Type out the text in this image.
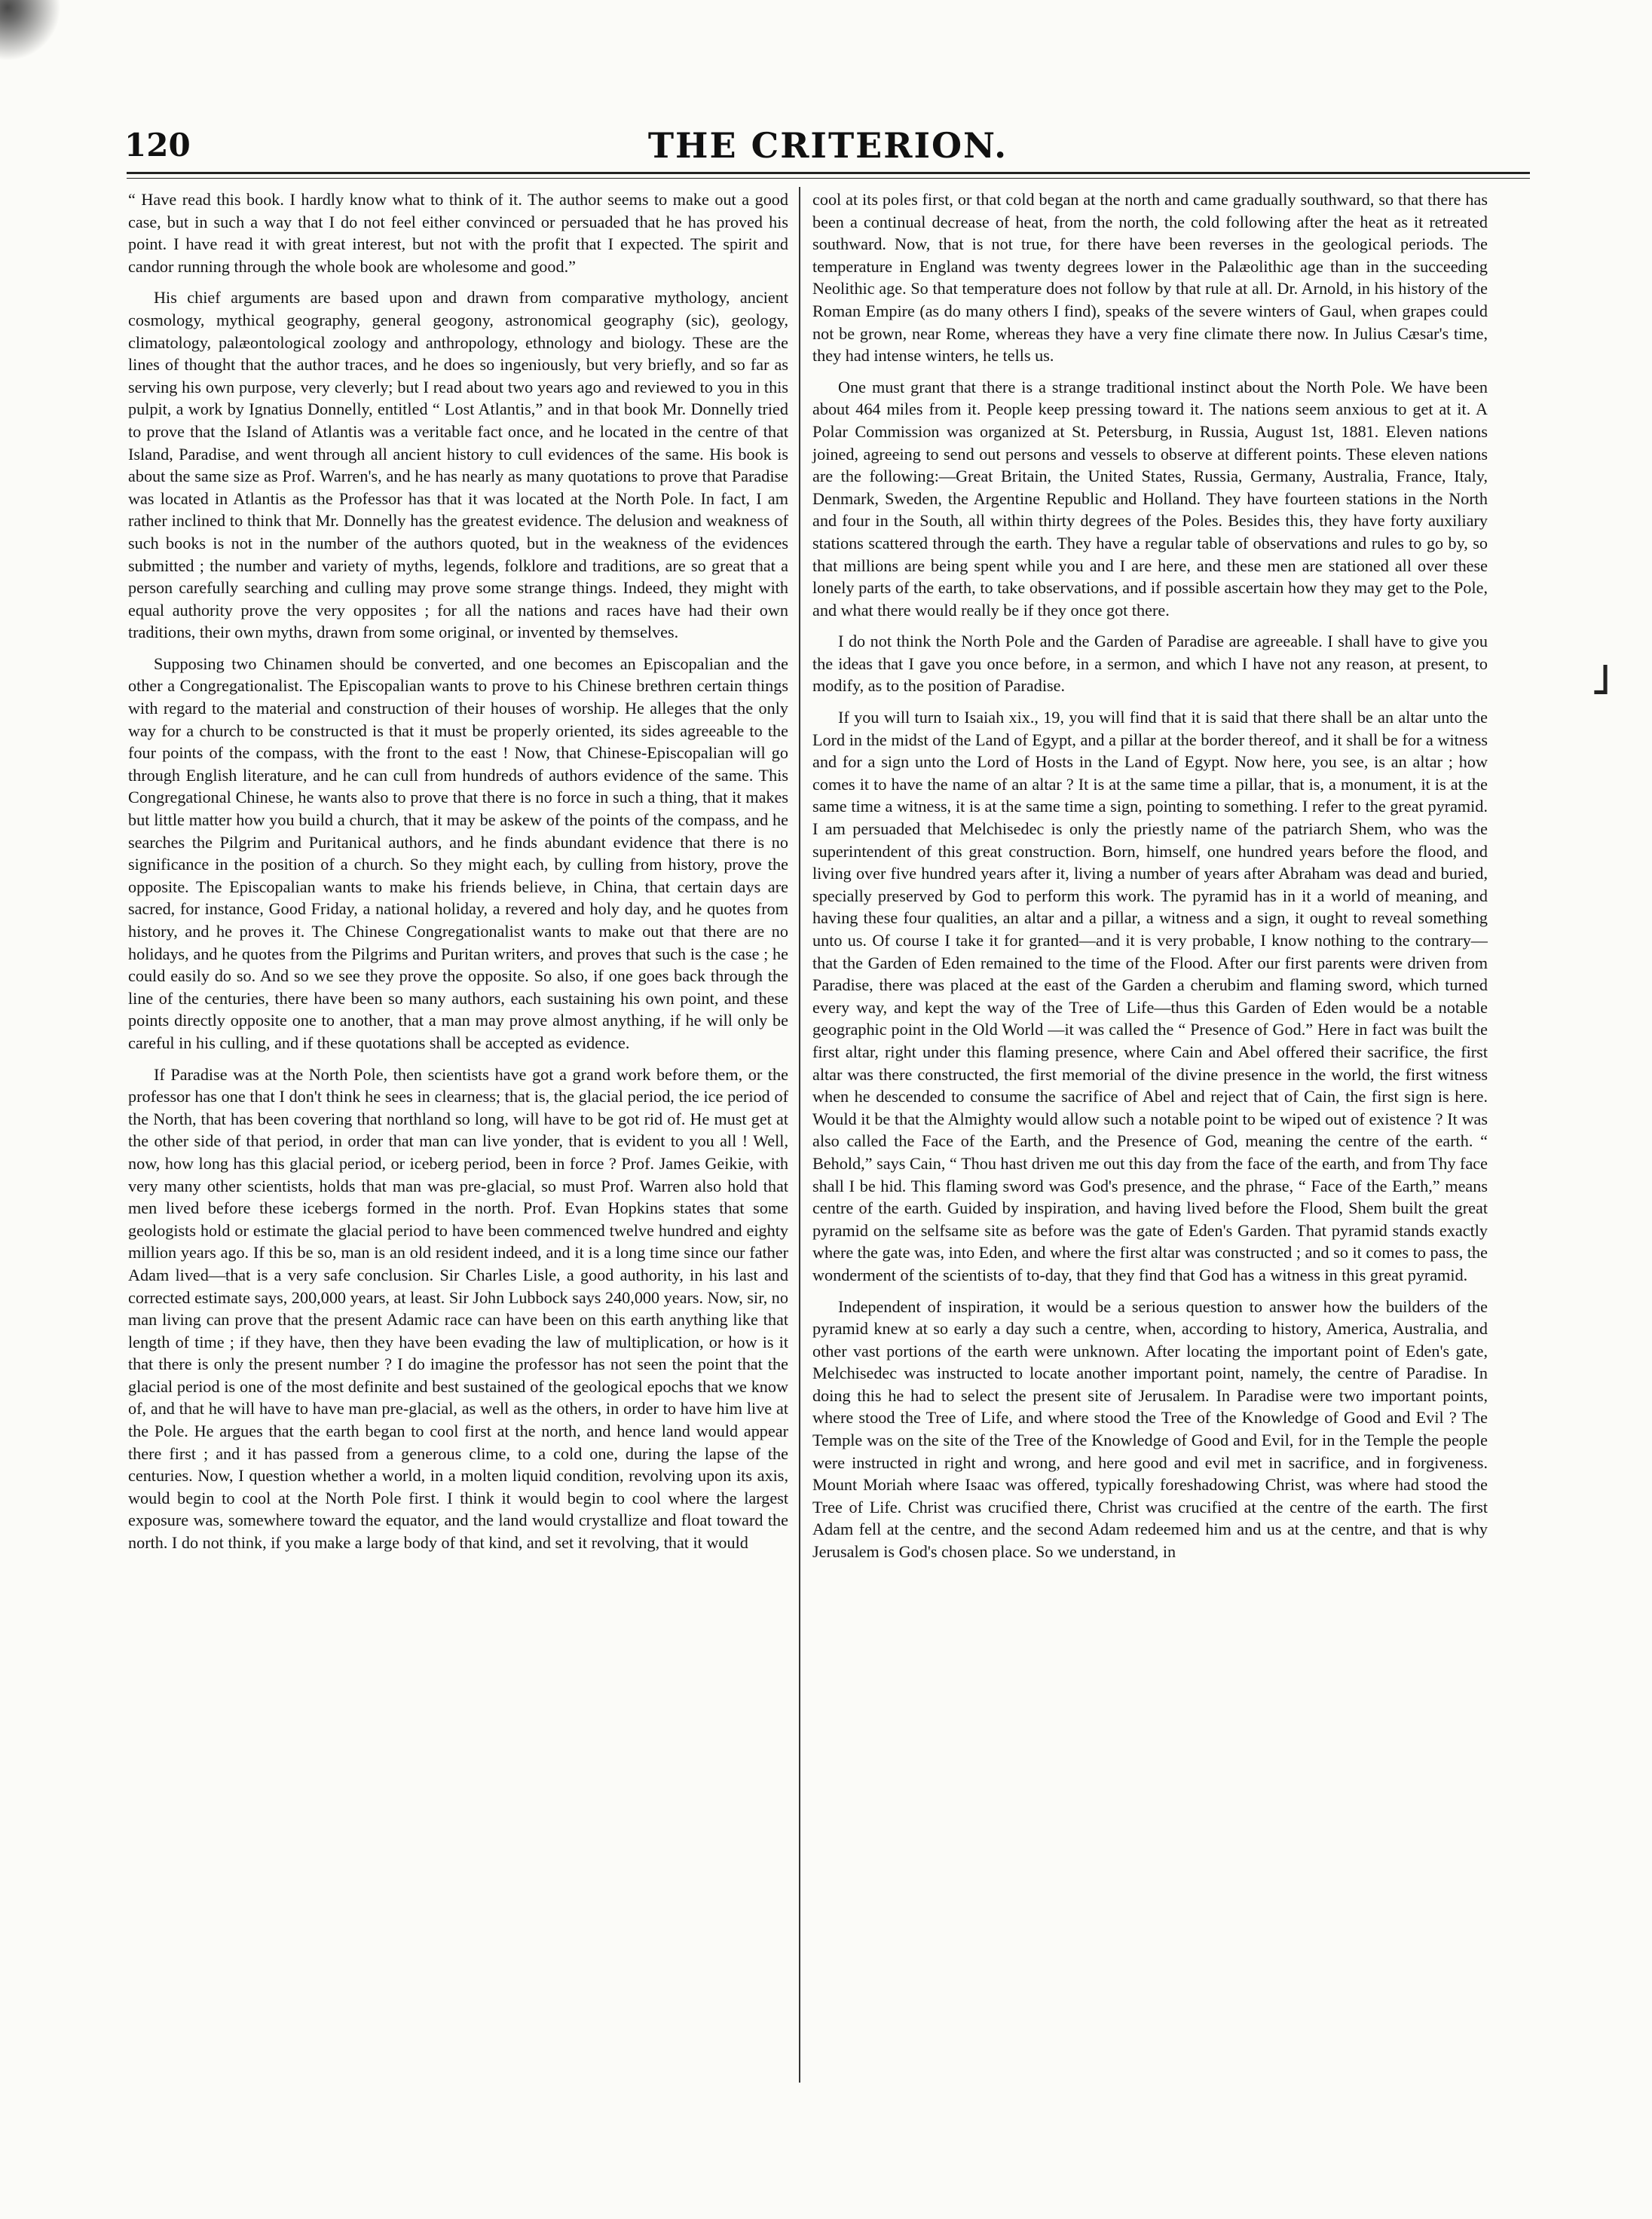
120	THE CRITERION.

“ Have read this book. I hardly know what to think of it. The author seems to make out a good case, but in such a way that I do not feel either convinced or persuaded that he has proved his point. I have read it with great interest, but not with the profit that I expected. The spirit and candor running through the whole book are wholesome and good.”

His chief arguments are based upon and drawn from comparative mythology, ancient cosmology, mythical geography, general geogony, astronomical geography (sic), geology, climatology, palæontological zoology and anthropology, ethnology and biology. These are the lines of thought that the author traces, and he does so ingeniously, but very briefly, and so far as serving his own purpose, very cleverly; but I read about two years ago and reviewed to you in this pulpit, a work by Ignatius Donnelly, entitled “ Lost Atlantis,” and in that book Mr. Donnelly tried to prove that the Island of Atlantis was a veritable fact once, and he located in the centre of that Island, Paradise, and went through all ancient history to cull evidences of the same. His book is about the same size as Prof. Warren's, and he has nearly as many quotations to prove that Paradise was located in Atlantis as the Professor has that it was located at the North Pole. In fact, I am rather inclined to think that Mr. Donnelly has the greatest evidence. The delusion and weakness of such books is not in the number of the authors quoted, but in the weakness of the evidences submitted ; the number and variety of myths, legends, folklore and traditions, are so great that a person carefully searching and culling may prove some strange things. Indeed, they might with equal authority prove the very opposites ; for all the nations and races have had their own traditions, their own myths, drawn from some original, or invented by themselves.

Supposing two Chinamen should be converted, and one becomes an Episcopalian and the other a Congregationalist. The Episcopalian wants to prove to his Chinese brethren certain things with regard to the material and construction of their houses of worship. He alleges that the only way for a church to be constructed is that it must be properly oriented, its sides agreeable to the four points of the compass, with the front to the east ! Now, that Chinese-Episcopalian will go through English literature, and he can cull from hundreds of authors evidence of the same. This Congregational Chinese, he wants also to prove that there is no force in such a thing, that it makes but little matter how you build a church, that it may be askew of the points of the compass, and he searches the Pilgrim and Puritanical authors, and he finds abundant evidence that there is no significance in the position of a church. So they might each, by culling from history, prove the opposite. The Episcopalian wants to make his friends believe, in China, that certain days are sacred, for instance, Good Friday, a national holiday, a revered and holy day, and he quotes from history, and he proves it. The Chinese Congregationalist wants to make out that there are no holidays, and he quotes from the Pilgrims and Puritan writers, and proves that such is the case ; he could easily do so. And so we see they prove the opposite. So also, if one goes back through the line of the centuries, there have been so many authors, each sustaining his own point, and these points directly opposite one to another, that a man may prove almost anything, if he will only be careful in his culling, and if these quotations shall be accepted as evidence.

If Paradise was at the North Pole, then scientists have got a grand work before them, or the professor has one that I don't think he sees in clearness; that is, the glacial period, the ice period of the North, that has been covering that northland so long, will have to be got rid of. He must get at the other side of that period, in order that man can live yonder, that is evident to you all ! Well, now, how long has this glacial period, or iceberg period, been in force ? Prof. James Geikie, with very many other scientists, holds that man was pre-glacial, so must Prof. Warren also hold that men lived before these icebergs formed in the north. Prof. Evan Hopkins states that some geologists hold or estimate the glacial period to have been commenced twelve hundred and eighty million years ago. If this be so, man is an old resident indeed, and it is a long time since our father Adam lived—that is a very safe conclusion. Sir Charles Lisle, a good authority, in his last and corrected estimate says, 200,000 years, at least. Sir John Lubbock says 240,000 years. Now, sir, no man living can prove that the present Adamic race can have been on this earth anything like that length of time ; if they have, then they have been evading the law of multiplication, or how is it that there is only the present number ? I do imagine the professor has not seen the point that the glacial period is one of the most definite and best sustained of the geological epochs that we know of, and that he will have to have man pre-glacial, as well as the others, in order to have him live at the Pole. He argues that the earth began to cool first at the north, and hence land would appear there first ; and it has passed from a generous clime, to a cold one, during the lapse of the centuries. Now, I question whether a world, in a molten liquid condition, revolving upon its axis, would begin to cool at the North Pole first. I think it would begin to cool where the largest exposure was, somewhere toward the equator, and the land would crystallize and float toward the north. I do not think, if you make a large body of that kind, and set it revolving, that it would

cool at its poles first, or that cold began at the north and came gradually southward, so that there has been a continual decrease of heat, from the north, the cold following after the heat as it retreated southward. Now, that is not true, for there have been reverses in the geological periods. The temperature in England was twenty degrees lower in the Palæolithic age than in the succeeding Neolithic age. So that temperature does not follow by that rule at all. Dr. Arnold, in his history of the Roman Empire (as do many others I find), speaks of the severe winters of Gaul, when grapes could not be grown, near Rome, whereas they have a very fine climate there now. In Julius Cæsar's time, they had intense winters, he tells us.

One must grant that there is a strange traditional instinct about the North Pole. We have been about 464 miles from it. People keep pressing toward it. The nations seem anxious to get at it. A Polar Commission was organized at St. Petersburg, in Russia, August 1st, 1881. Eleven nations joined, agreeing to send out persons and vessels to observe at different points. These eleven nations are the following:—Great Britain, the United States, Russia, Germany, Australia, France, Italy, Denmark, Sweden, the Argentine Republic and Holland. They have fourteen stations in the North and four in the South, all within thirty degrees of the Poles. Besides this, they have forty auxiliary stations scattered through the earth. They have a regular table of observations and rules to go by, so that millions are being spent while you and I are here, and these men are stationed all over these lonely parts of the earth, to take observations, and if possible ascertain how they may get to the Pole, and what there would really be if they once got there.

I do not think the North Pole and the Garden of Paradise are agreeable. I shall have to give you the ideas that I gave you once before, in a sermon, and which I have not any reason, at present, to modify, as to the position of Paradise.

If you will turn to Isaiah xix., 19, you will find that it is said that there shall be an altar unto the Lord in the midst of the Land of Egypt, and a pillar at the border thereof, and it shall be for a witness and for a sign unto the Lord of Hosts in the Land of Egypt. Now here, you see, is an altar ; how comes it to have the name of an altar ? It is at the same time a pillar, that is, a monument, it is at the same time a witness, it is at the same time a sign, pointing to something. I refer to the great pyramid. I am persuaded that Melchisedec is only the priestly name of the patriarch Shem, who was the superintendent of this great construction. Born, himself, one hundred years before the flood, and living over five hundred years after it, living a number of years after Abraham was dead and buried, specially preserved by God to perform this work. The pyramid has in it a world of meaning, and having these four qualities, an altar and a pillar, a witness and a sign, it ought to reveal something unto us. Of course I take it for granted—and it is very probable, I know nothing to the contrary—that the Garden of Eden remained to the time of the Flood. After our first parents were driven from Paradise, there was placed at the east of the Garden a cherubim and flaming sword, which turned every way, and kept the way of the Tree of Life—thus this Garden of Eden would be a notable geographic point in the Old World —it was called the “ Presence of God.” Here in fact was built the first altar, right under this flaming presence, where Cain and Abel offered their sacrifice, the first altar was there constructed, the first memorial of the divine presence in the world, the first witness when he descended to consume the sacrifice of Abel and reject that of Cain, the first sign is here. Would it be that the Almighty would allow such a notable point to be wiped out of existence ? It was also called the Face of the Earth, and the Presence of God, meaning the centre of the earth. “ Behold,” says Cain, “ Thou hast driven me out this day from the face of the earth, and from Thy face shall I be hid. This flaming sword was God's presence, and the phrase, “ Face of the Earth,” means centre of the earth. Guided by inspiration, and having lived before the Flood, Shem built the great pyramid on the selfsame site as before was the gate of Eden's Garden. That pyramid stands exactly where the gate was, into Eden, and where the first altar was constructed ; and so it comes to pass, the wonderment of the scientists of to-day, that they find that God has a witness in this great pyramid.

Independent of inspiration, it would be a serious question to answer how the builders of the pyramid knew at so early a day such a centre, when, according to history, America, Australia, and other vast portions of the earth were unknown. After locating the important point of Eden's gate, Melchisedec was instructed to locate another important point, namely, the centre of Paradise. In doing this he had to select the present site of Jerusalem. In Paradise were two important points, where stood the Tree of Life, and where stood the Tree of the Knowledge of Good and Evil ? The Temple was on the site of the Tree of the Knowledge of Good and Evil, for in the Temple the people were instructed in right and wrong, and here good and evil met in sacrifice, and in forgiveness. Mount Moriah where Isaac was offered, typically foreshadowing Christ, was where had stood the Tree of Life. Christ was crucified there, Christ was crucified at the centre of the earth. The first Adam fell at the centre, and the second Adam redeemed him and us at the centre, and that is why Jerusalem is God's chosen place. So we understand, in

˩
